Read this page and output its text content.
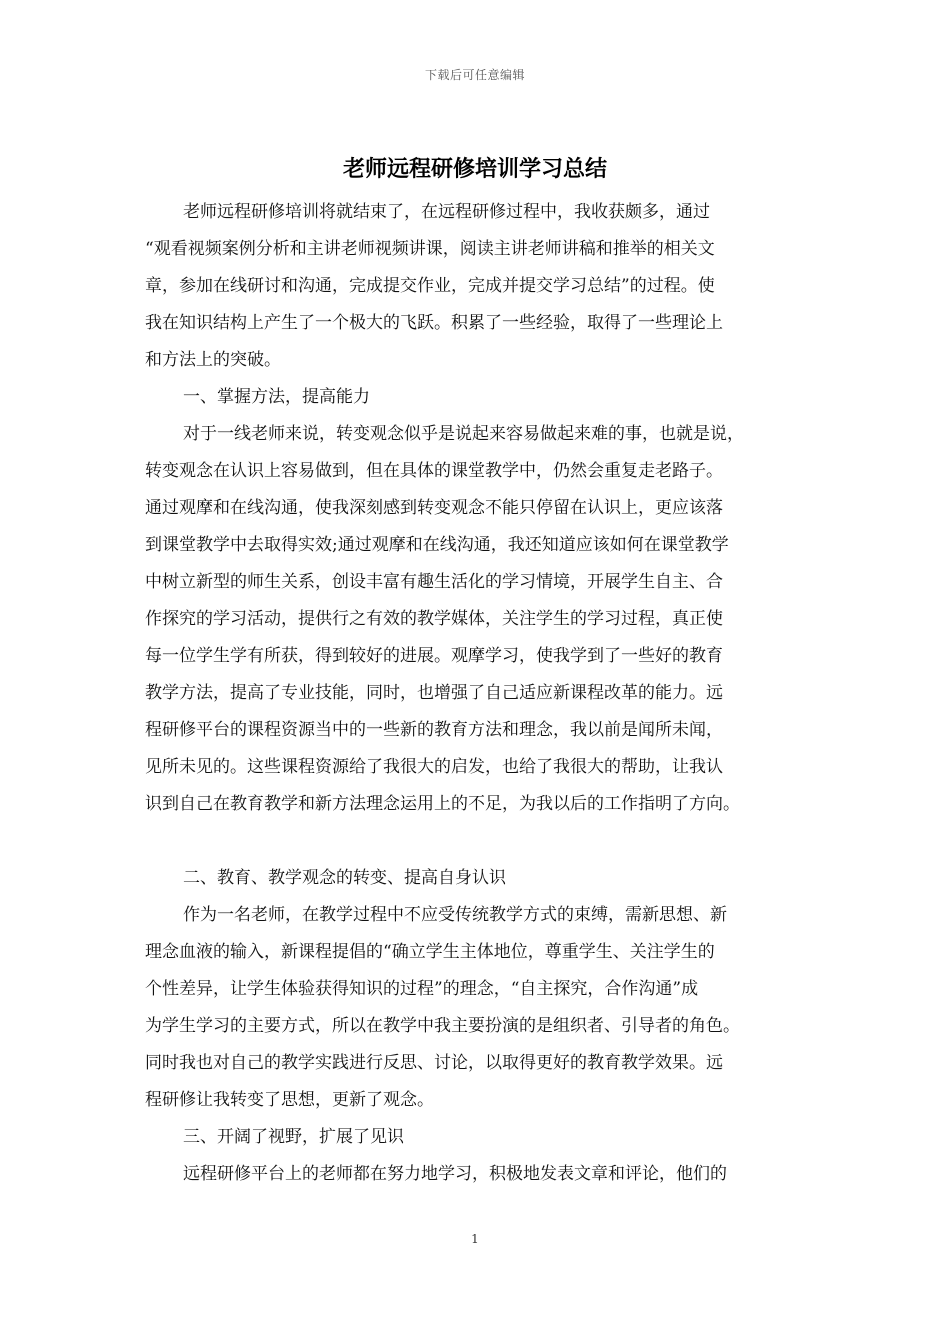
下载后可任意编辑
老师远程研修培训学习总结
老师远程研修培训将就结束了，在远程研修过程中，我收获颇多，通过
“观看视频案例分析和主讲老师视频讲课，阅读主讲老师讲稿和推举的相关文
章，参加在线研讨和沟通，完成提交作业，完成并提交学习总结”的过程。使
我在知识结构上产生了一个极大的飞跃。积累了一些经验，取得了一些理论上
和方法上的突破。
一、掌握方法，提高能力
对于一线老师来说，转变观念似乎是说起来容易做起来难的事，也就是说，
转变观念在认识上容易做到，但在具体的课堂教学中，仍然会重复走老路子。
通过观摩和在线沟通，使我深刻感到转变观念不能只停留在认识上，更应该落
到课堂教学中去取得实效;通过观摩和在线沟通，我还知道应该如何在课堂教学
中树立新型的师生关系，创设丰富有趣生活化的学习情境，开展学生自主、合
作探究的学习活动，提供行之有效的教学媒体，关注学生的学习过程，真正使
每一位学生学有所获，得到较好的进展。观摩学习，使我学到了一些好的教育
教学方法，提高了专业技能，同时，也增强了自己适应新课程改革的能力。远
程研修平台的课程资源当中的一些新的教育方法和理念，我以前是闻所未闻，
见所未见的。这些课程资源给了我很大的启发，也给了我很大的帮助，让我认
识到自己在教育教学和新方法理念运用上的不足，为我以后的工作指明了方向。
二、教育、教学观念的转变、提高自身认识
作为一名老师，在教学过程中不应受传统教学方式的束缚，需新思想、新
理念血液的输入，新课程提倡的“确立学生主体地位，尊重学生、关注学生的
个性差异，让学生体验获得知识的过程”的理念，“自主探究，合作沟通”成
为学生学习的主要方式，所以在教学中我主要扮演的是组织者、引导者的角色。
同时我也对自己的教学实践进行反思、讨论，以取得更好的教育教学效果。远
程研修让我转变了思想，更新了观念。
三、开阔了视野，扩展了见识
远程研修平台上的老师都在努力地学习，积极地发表文章和评论，他们的
1
